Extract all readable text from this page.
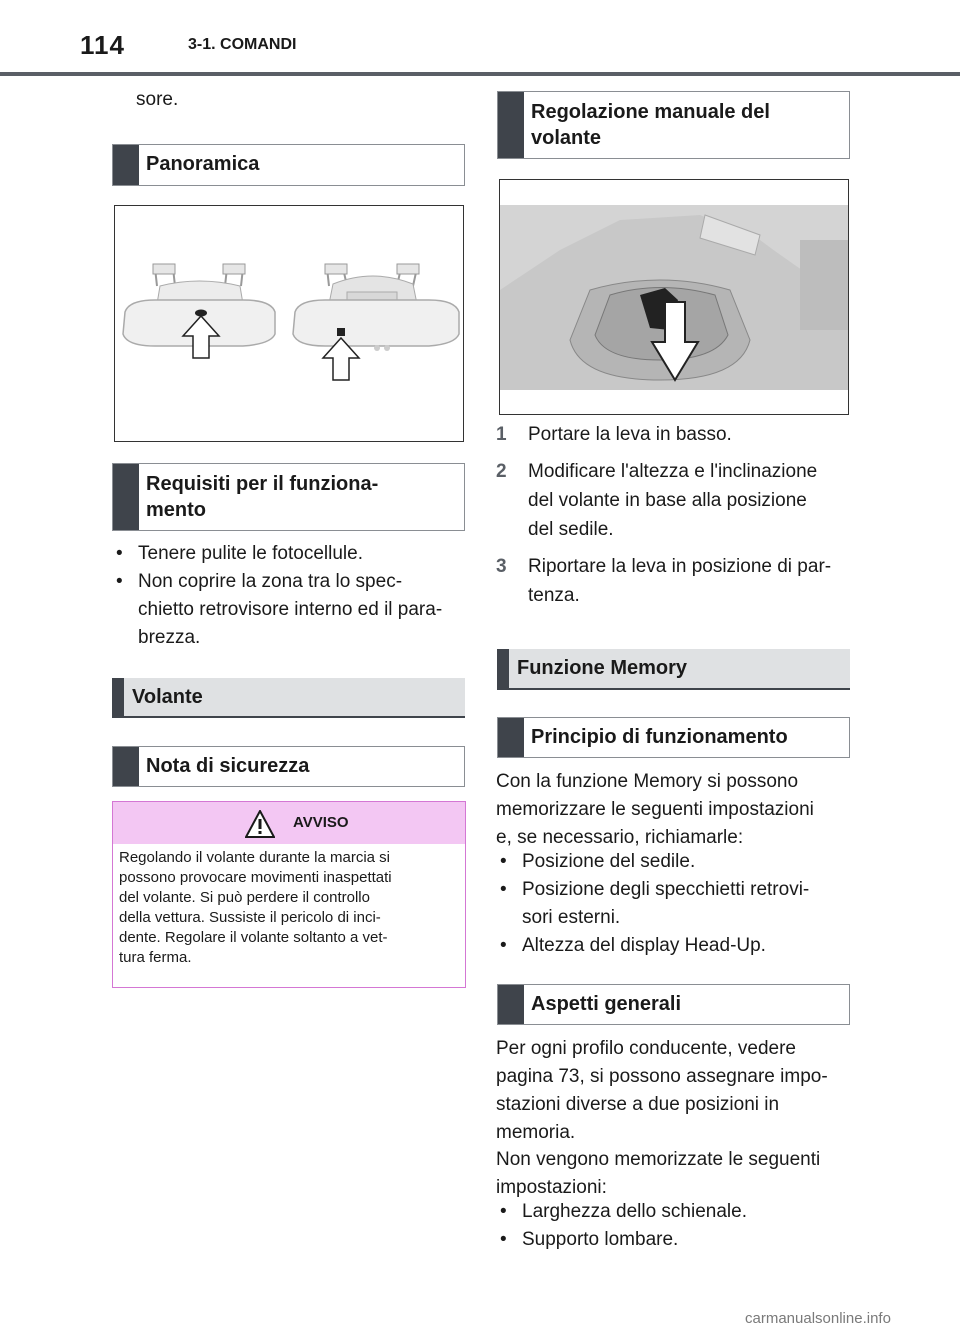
114	3-1. COMANDI
sore.
Panoramica
Requisiti per il funziona-
mento
• Tenere pulite le fotocellule.
• Non coprire la zona tra lo spec-
chietto retrovisore interno ed il para-
brezza.
Volante
Nota di sicurezza
AVVISO
Regolando il volante durante la marcia si
possono provocare movimenti inaspettati
del volante. Si può perdere il controllo
della vettura. Sussiste il pericolo di inci-
dente. Regolare il volante soltanto a vet-
tura ferma.
Regolazione manuale del
volante
1 Portare la leva in basso.
2 Modificare l'altezza e l'inclinazione
del volante in base alla posizione
del sedile.
3 Riportare la leva in posizione di par-
tenza.
Funzione Memory
Principio di funzionamento
Con la funzione Memory si possono
memorizzare le seguenti impostazioni
e, se necessario, richiamarle:
• Posizione del sedile.
• Posizione degli specchietti retrovi-
sori esterni.
• Altezza del display Head-Up.
Aspetti generali
Per ogni profilo conducente, vedere
pagina 73, si possono assegnare impo-
stazioni diverse a due posizioni in
memoria.
Non vengono memorizzate le seguenti
impostazioni:
• Larghezza dello schienale.
• Supporto lombare.
carmanualsonline.info
